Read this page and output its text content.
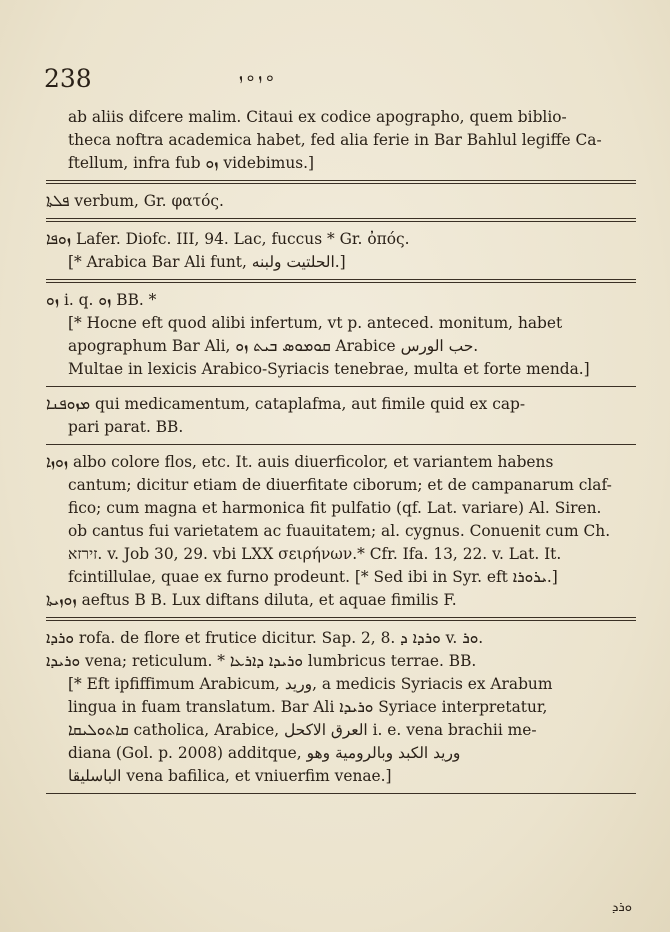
238	ܘ ܙ ܘ ܙ

ab aliis difcere malim. Citaui ex codice apographo, quem biblio-

theca noftra academica habet, fed alia ferie in Bar Bahlul legiffe Ca-

ftellum, infra fub ܙܘ videbimus.]

ܦܠܬܐ verbum, Gr. φατός.

ܙܘܦܐ Lafer. Diofc. III, 94. Lac, fuccus * Gr. ὀπός.

[* Arabica Bar Ali funt, الحلتيت ولبنه.]

ܙܘ i. q. ܙܘ BB. *

[* Hocne eft quod alibi infertum, vt p. anteced. monitum, habet

apographum Bar Ali, ܩܘܡܘܣ ܒܝܬ ܙܘ Arabice حب الورس.

Multae in lexicis Arabico-Syriacis tenebrae, multa et forte menda.]

ܡܙܘܦܢܐ qui medicamentum, cataplafma, aut fimile quid ex cap-

pari parat. BB.

ܙܘܙܐ albo colore flos, etc. It. auis diuerficolor, et variantem habens

cantum; dicitur etiam de diuerfitate ciborum; et de campanarum claf-

fico; cum magna et harmonica fit pulfatio (qf. Lat. variare) Al. Siren.

ob cantus fui varietatem ac fuauitatem; al. cygnus. Conuenit cum Ch.

זירזא. v. Job 30, 29. vbi LXX σειρήνων.* Cfr. Ifa. 13, 22. v. Lat. It.

fcintillulae, quae ex furno prodeunt. [* Sed ibi in Syr. eft ܝܪܘܪܐ.]

ܙܘܙܝܬܐ aeftus B B. Lux diftans diluta, et aquae fimilis F.

ܘܪܕܐ rofa. de flore et frutice dicitur. Sap. 2, 8. ܘܪܕܐ ܕ v. ܘܪ.

ܘܪܝܕܐ vena; reticulum. * ܘܪܝܕܐ ܕܐܪܥܐ lumbricus terrae. BB.

[* Eft ipfiffimum Arabicum, وريد, a medicis Syriacis ex Arabum

lingua in fuam translatum. Bar Ali ܘܪܝܕܐ Syriace interpretatur,

ܩܐܬܘܠܝܩܐ catholica, Arabice, العرق الاكحل i. e. vena brachii me-

diana (Gol. p. 2008) additque, وريد الكبد وبالرومية وهو

الباسليقا vena bafilica, et vniuerfim venae.]

ܘܪܕ
